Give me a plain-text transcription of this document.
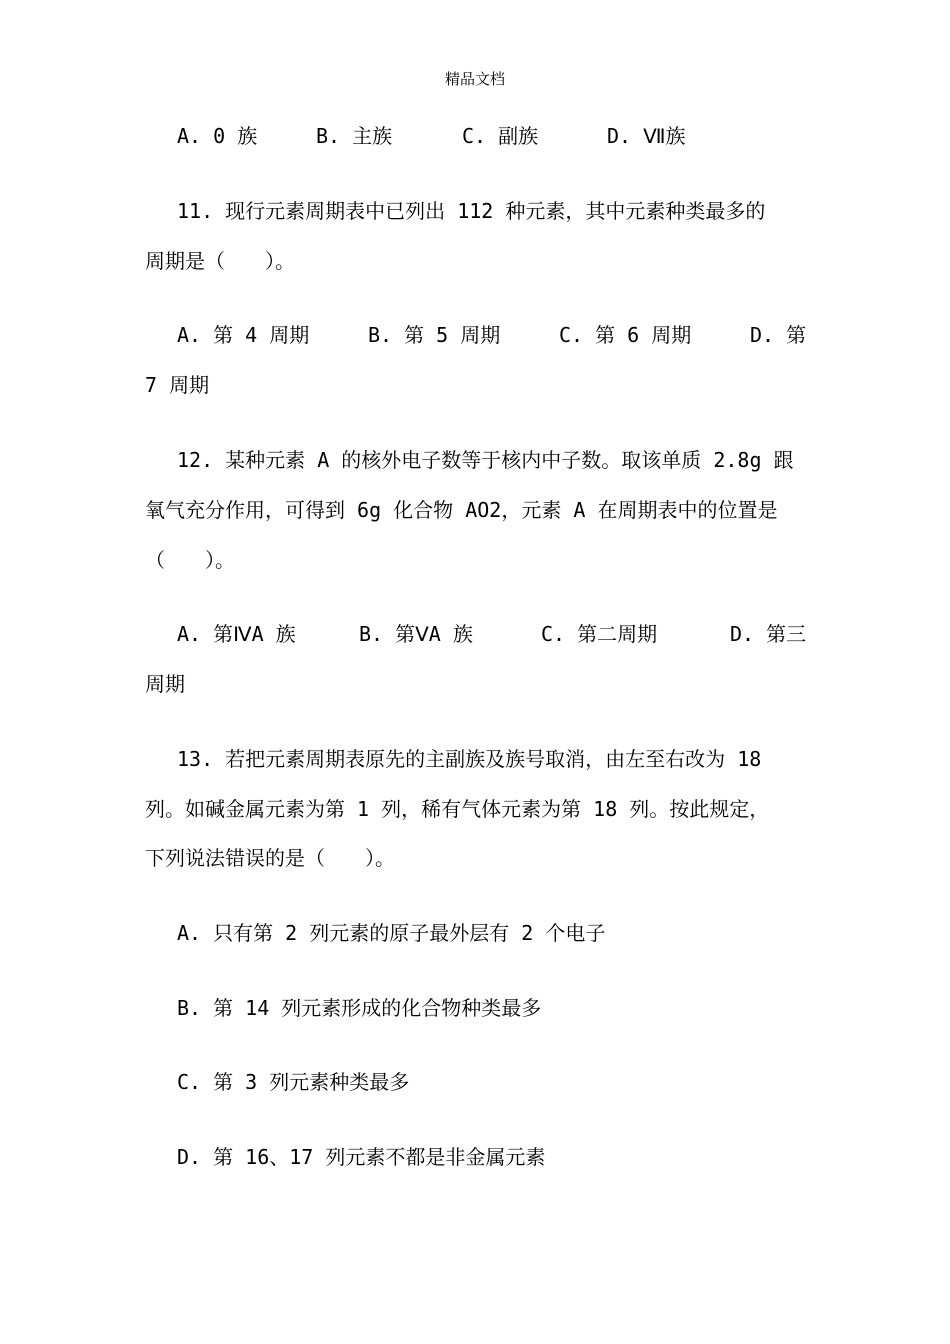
精品文档
A. 0 族	B. 主族	C. 副族	D. Ⅶ族
11. 现行元素周期表中已列出 112 种元素，其中元素种类最多的
周期是（　　）。
A. 第 4 周期	B. 第 5 周期	C. 第 6 周期	D. 第
7 周期
12. 某种元素 A 的核外电子数等于核内中子数。取该单质 2.8g 跟
氧气充分作用，可得到 6g 化合物 AO2，元素 A 在周期表中的位置是
（　　）。
A. 第ⅣA 族	B. 第ⅤA 族	C. 第二周期	D. 第三
周期
13. 若把元素周期表原先的主副族及族号取消，由左至右改为 18
列。如碱金属元素为第 1 列，稀有气体元素为第 18 列。按此规定，
下列说法错误的是（　　）。
A. 只有第 2 列元素的原子最外层有 2 个电子
B. 第 14 列元素形成的化合物种类最多
C. 第 3 列元素种类最多
D. 第 16、17 列元素不都是非金属元素
